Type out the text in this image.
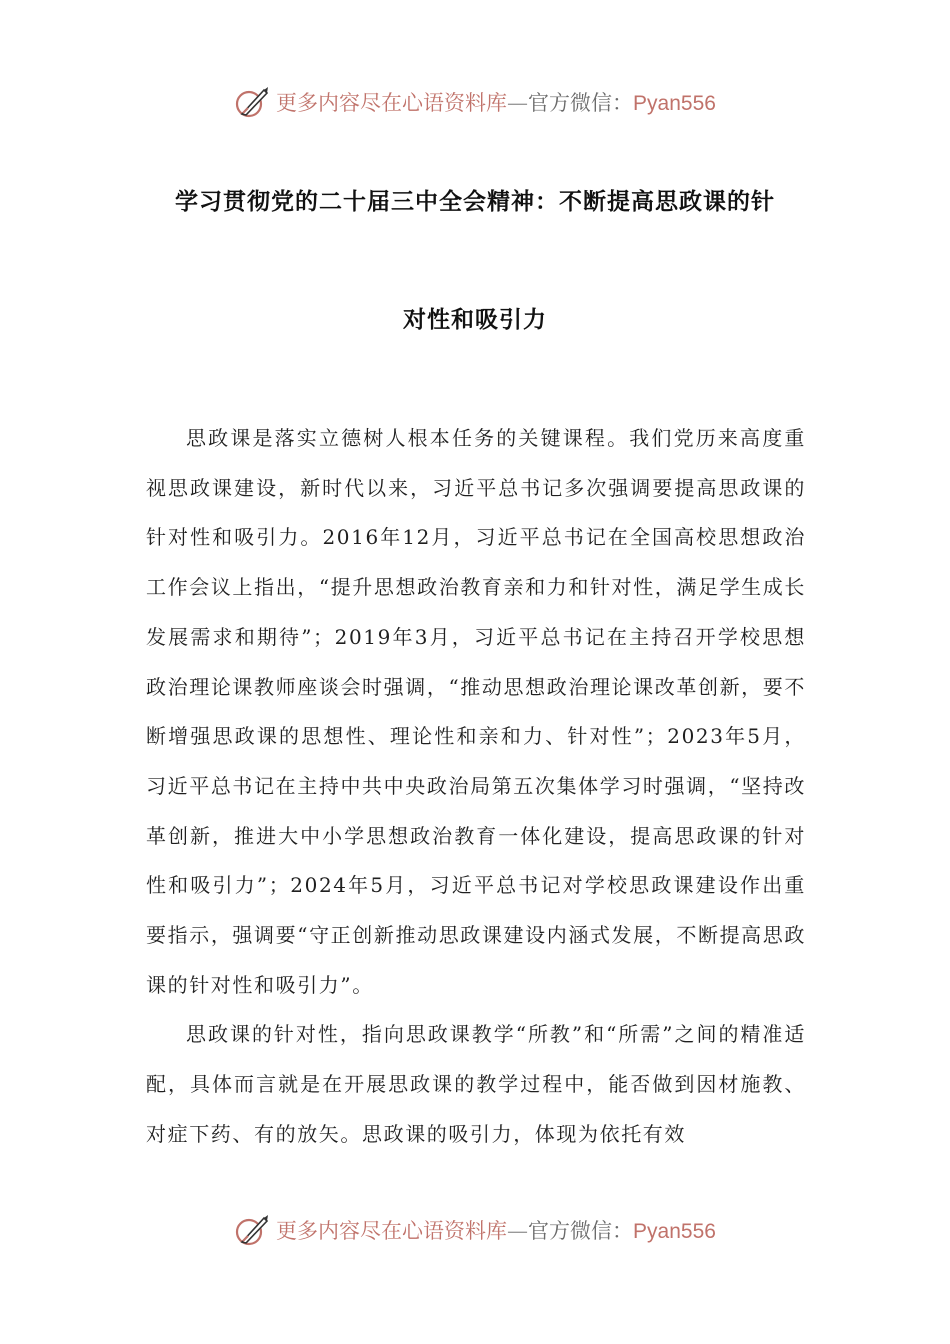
更多内容尽在心语资料库—官方微信：Pyan556
学习贯彻党的二十届三中全会精神：不断提高思政课的针
对性和吸引力

思政课是落实立德树人根本任务的关键课程。我们党历来高度重视思政课建设，新时代以来，习近平总书记多次强调要提高思政课的针对性和吸引力。2016年12月，习近平总书记在全国高校思想政治工作会议上指出，“提升思想政治教育亲和力和针对性，满足学生成长发展需求和期待”；2019年3月，习近平总书记在主持召开学校思想政治理论课教师座谈会时强调，“推动思想政治理论课改革创新，要不断增强思政课的思想性、理论性和亲和力、针对性”；2023年5月，习近平总书记在主持中共中央政治局第五次集体学习时强调，“坚持改革创新，推进大中小学思想政治教育一体化建设，提高思政课的针对性和吸引力”；2024年5月，习近平总书记对学校思政课建设作出重要指示，强调要“守正创新推动思政课建设内涵式发展，不断提高思政课的针对性和吸引力”。

思政课的针对性，指向思政课教学“所教”和“所需”之间的精准适配，具体而言就是在开展思政课的教学过程中，能否做到因材施教、对症下药、有的放矢。思政课的吸引力，体现为依托有效

更多内容尽在心语资料库—官方微信：Pyan556
